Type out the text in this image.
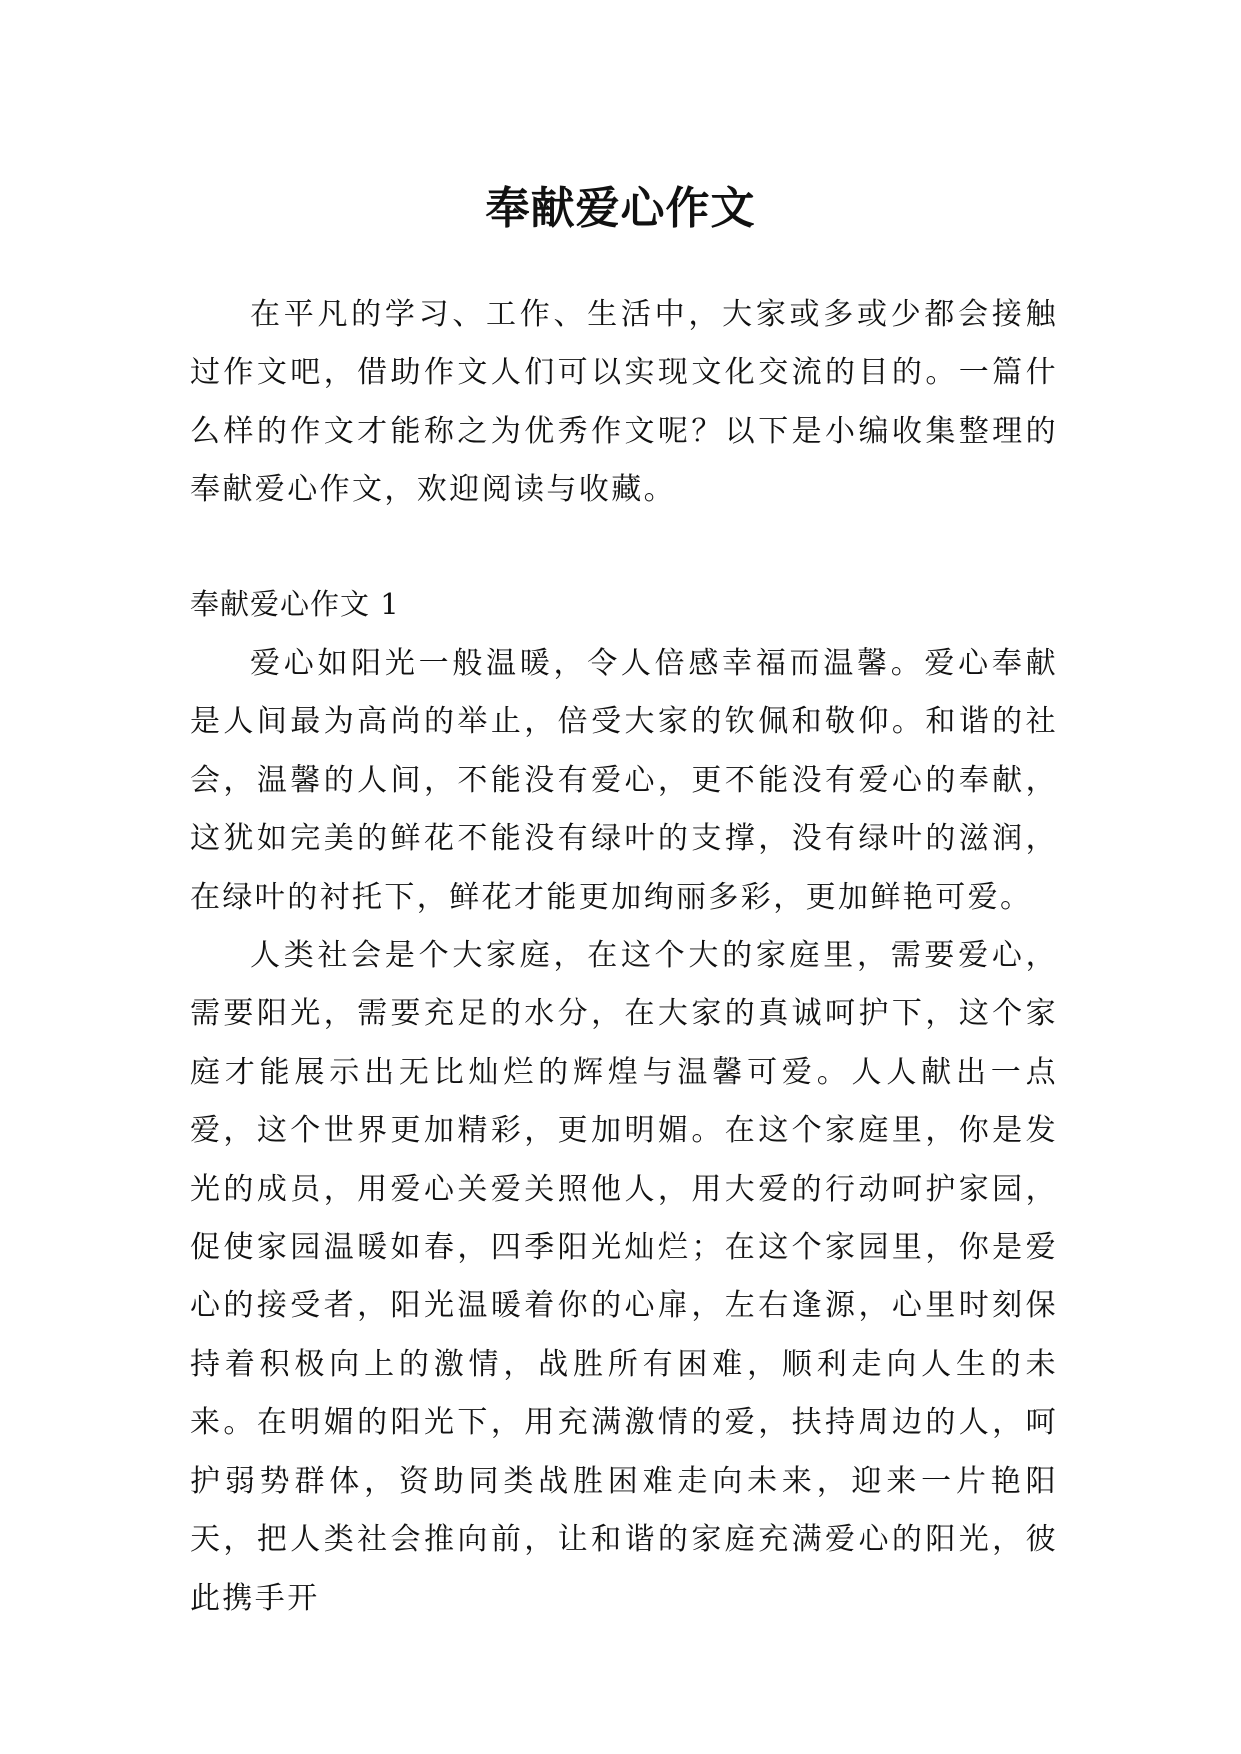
奉献爱心作文

在平凡的学习、工作、生活中，大家或多或少都会接触过作文吧，借助作文人们可以实现文化交流的目的。一篇什么样的作文才能称之为优秀作文呢？以下是小编收集整理的奉献爱心作文，欢迎阅读与收藏。

奉献爱心作文 1

爱心如阳光一般温暖，令人倍感幸福而温馨。爱心奉献是人间最为高尚的举止，倍受大家的钦佩和敬仰。和谐的社会，温馨的人间，不能没有爱心，更不能没有爱心的奉献，这犹如完美的鲜花不能没有绿叶的支撑，没有绿叶的滋润，在绿叶的衬托下，鲜花才能更加绚丽多彩，更加鲜艳可爱。

人类社会是个大家庭，在这个大的家庭里，需要爱心，需要阳光，需要充足的水分，在大家的真诚呵护下，这个家庭才能展示出无比灿烂的辉煌与温馨可爱。人人献出一点爱，这个世界更加精彩，更加明媚。在这个家庭里，你是发光的成员，用爱心关爱关照他人，用大爱的行动呵护家园，促使家园温暖如春，四季阳光灿烂；在这个家园里，你是爱心的接受者，阳光温暖着你的心扉，左右逢源，心里时刻保持着积极向上的激情，战胜所有困难，顺利走向人生的未来。在明媚的阳光下，用充满激情的爱，扶持周边的人，呵护弱势群体，资助同类战胜困难走向未来，迎来一片艳阳天，把人类社会推向前，让和谐的家庭充满爱心的阳光，彼此携手开
